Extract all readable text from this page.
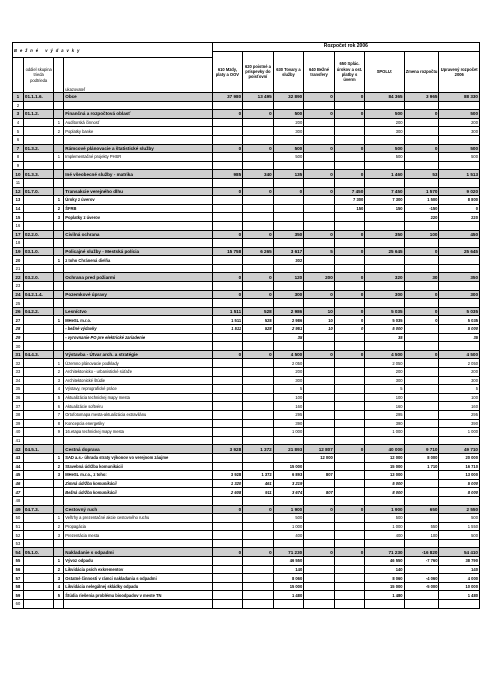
Bežné výdavky				Rozpočet rok 2006							
				610 Mzdy, platy a OOV	620 poistné a príspevky do poisťovní	630 Tovary a služby	640 Bežné transfery	650 Splác. úrokov a ost. platby s úverm	SPOLU:	Zmena rozpočtu	Upravený rozpočet 2006
	oddiel skupina trieda podtrieda		ukazovateľ								
1	01.1.1.6.		Obce	37 980	13 495	32 890	0	0	84 365	3 965	88 330
2											
3	01.1.2.		Finančná a rozpočtová oblasť	0	0	500	0	0	500	0	500
4		1	Audítorská činnosť			200			200		200
5		2	Poplatky banke			300			300		300
6											
7	01.3.2.		Rámcové plánovacie a štatistické služby	0	0	500	0	0	500	0	500
8		1	Implementačné projekty PHSR			500			500		500
9											
10	01.3.3.		Iné všeobecné služby - matrika	985	340	135	0	0	1 460	53	1 513
11											
12	01.7.0.		Transakcie verejného dlhu	0	0	0	0	7 450	7 450	1 570	9 020
13		1	Úroky z úverov					7 300	7 300	1 500	8 800
14		2	ŠFRB					150	150	-150	0
15		3	Poplatky z úverov							220	220
16											
17	02.2.0.		Civilná ochrana	0	0	350	0	0	350	100	450
18											
19	03.1.0.		Policajné služby - Mestská polícia	15 758	6 265	3 617	5	0	25 645	0	25 645
20		1	z toho Chránená dielňa			302					
21											
22	03.2.0.		Ochrana pred požiarmi	0	0	120	200	0	320	30	350
23											
24	04.2.1.4.		Pozemkové úpravy	0	0	300	0	0	300	0	300
25											
26	04.2.2.		Lesníctvo	1 511	528	2 986	10	0	5 035	0	5 035
27		1	MHeSL m.r.o.	1 511	528	2 986	10	0	5 035	0	5 035
28			- bežné výdavky	1 511	528	2 951	10	0	5 000		5 000
29			- vyrovnanie PO pre elektrické zariadenie			35			35		35
30											
31	04.4.3.		Výstavba - Útvar arch. a stratégie	0	0	4 500	0	0	4 500	0	4 500
32		1	Územno plánovacie podklady			2 050			2 050		2 050
33		2	Architektonicko - urbanistické súťaže			200			200		200
34		3	Architektonické štúdie			300			300		300
35		4	Výstavy, reprografické práce			5			5		5
36		5	Aktualizácia technickej mapy mesta			100			100		100
37		6	Aktualizácie softvéru			160			160		160
38		7	Ortofotomapa mesta-aktualizácia extravilánu			295			295		295
39		8	Koncepcia energetiky			390			390		390
40		9	16.etapa technickej mapy mesta			1 000			1 000		1 000
41											
42	04.5.1.		Cestná doprava	3 928	1 372	21 893	12 807	0	40 000	9 710	49 710
43		1	SAD a.s.- úhrada straty výkonov vo verejnom záujme				12 000		12 000	8 000	20 000
44		2	Stavebná údržba komunikácií			15 000			15 000	1 710	16 710
45		3	MHeSL m.r.o., z toho:	3 928	1 372	6 893	807		13 000		13 000
46			Zimná údržba komunikácií	1 320	461	3 219			5 000		5 000
47			Bežná údržba komunikácií	2 608	911	3 674	807		8 000		8 000
48											
49	04.7.3.		Cestovný ruch	0	0	1 900	0	0	1 900	650	2 550
50		1	Veľtrhy a prezentačné akcie cestovného ruchu			500			500		500
51		2	Propagácia			1 000			1 000	550	1 550
52		3	Prezentácia mesta			400			400	100	500
53											
54	05.1.0.		Nakladanie s odpadmi	0	0	71 230	0	0	71 230	-16 820	54 410
55		1	Vývoz odpadu			46 550			46 550	-7 760	38 790
56		2	Likvidácia psích exkrementov			140			140		140
57		3	Ostatné činnosti v rámci nakladania s odpadmi			8 060			8 060	-4 060	4 000
58		4	Likvidácia nelegálnej skládky odpadu			15 000			15 000	-5 000	10 000
59		5	Štúdia riešenia problému bioodpadov v meste TN			1 480			1 480		1 480
60											
